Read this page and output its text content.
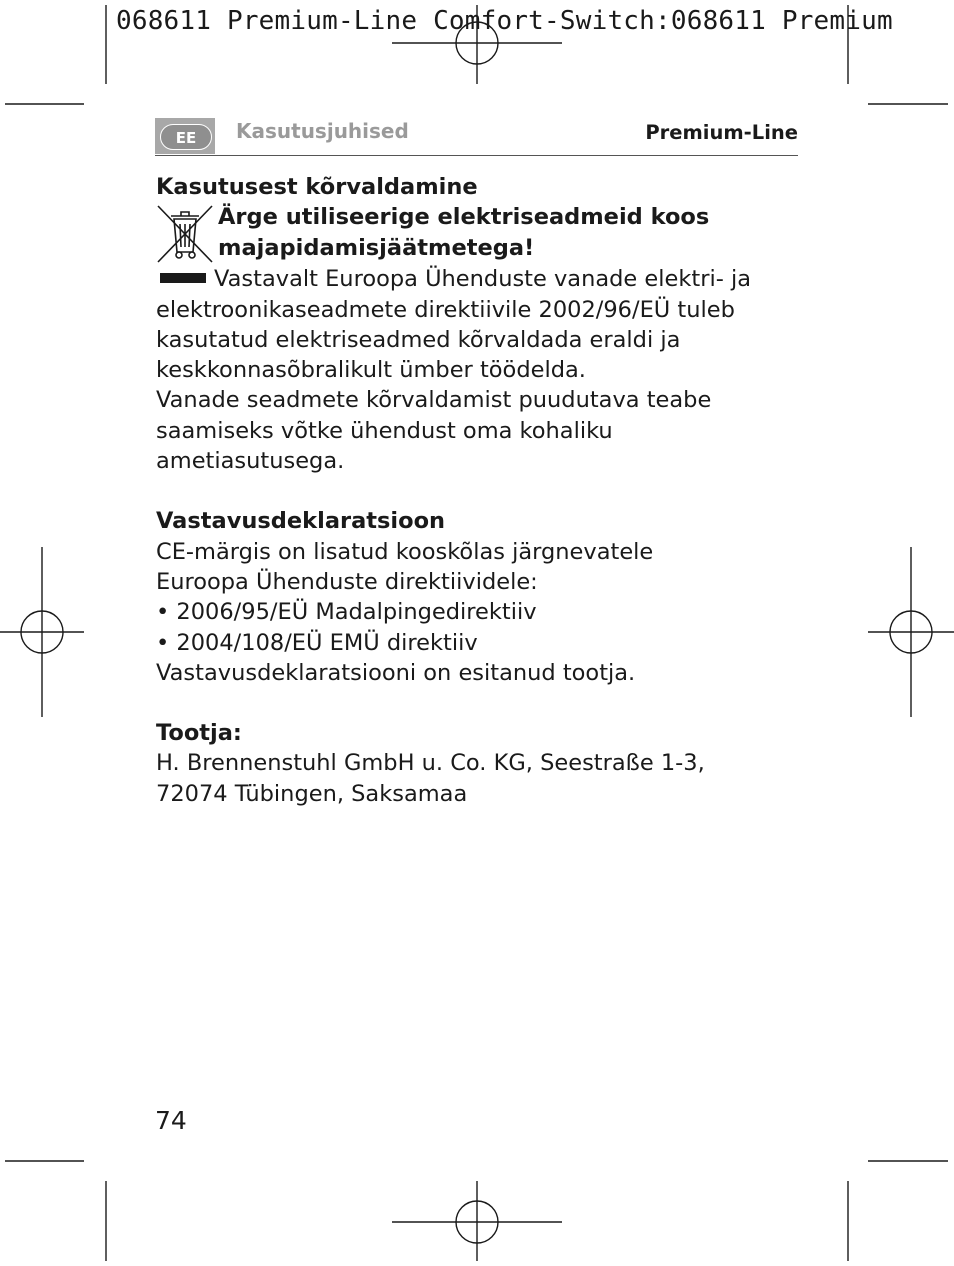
068611 Premium-Line Comfort-Switch:068611 Premium
EE	Kasutusjuhised	Premium-Line

Kasutusest kõrvaldamine

Ärge utiliseerige elektriseadmeid koos
majapidamisjäätmetega!

Vastavalt Euroopa Ühenduste vanade elektri- ja

elektroonikaseadmete direktiivile 2002/96/EÜ tuleb

kasutatud elektriseadmed kõrvaldada eraldi ja

keskkonnasõbralikult ümber töödelda.

Vanade seadmete kõrvaldamist puudutava teabe

saamiseks võtke ühendust oma kohaliku

ametiasutusega.

Vastavusdeklaratsioon

CE-märgis on lisatud kooskõlas järgnevatele

Euroopa Ühenduste direktiividele:

• 2006/95/EÜ Madalpingedirektiiv

• 2004/108/EÜ EMÜ direktiiv

Vastavusdeklaratsiooni on esitanud tootja.

Tootja:

H. Brennenstuhl GmbH u. Co. KG, Seestraße 1-3,

72074 Tübingen, Saksamaa

74
